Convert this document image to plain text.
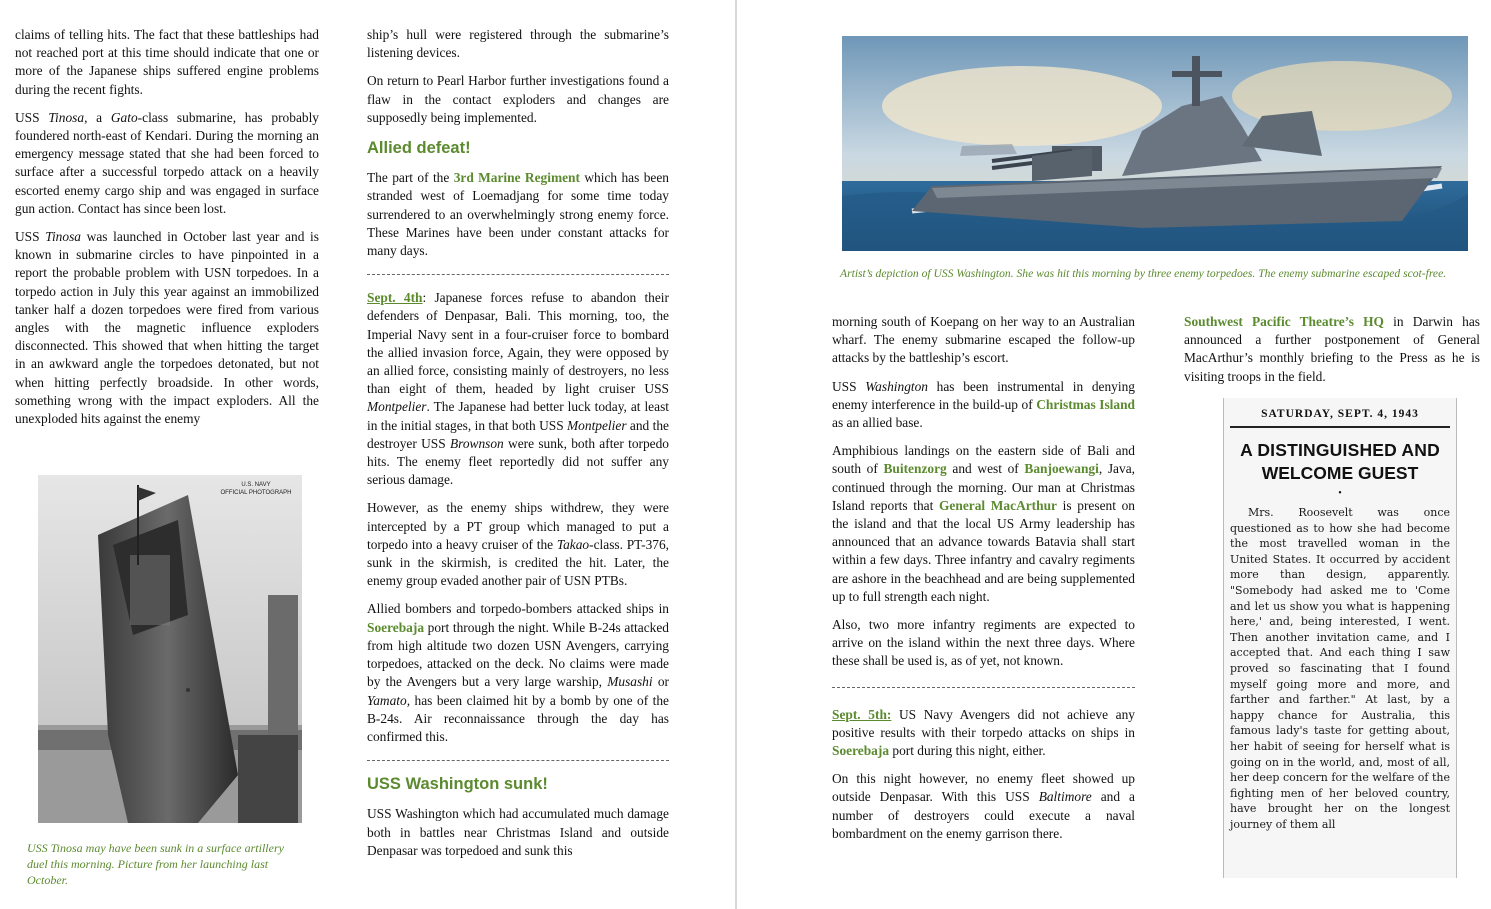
claims of telling hits. The fact that these battleships had not reached port at this time should indicate that one or more of the Japanese ships suffered engine problems during the recent fights.

USS Tinosa, a Gato-class submarine, has probably foundered north-east of Kendari. During the morning an emergency message stated that she had been forced to surface after a successful torpedo attack on a heavily escorted enemy cargo ship and was engaged in surface gun action. Contact has since been lost.

USS Tinosa was launched in October last year and is known in submarine circles to have pinpointed in a report the probable problem with USN torpedoes. In a torpedo action in July this year against an immobilized tanker half a dozen torpedoes were fired from various angles with the magnetic influence exploders disconnected. This showed that when hitting the target in an awkward angle the torpedoes detonated, but not when hitting perfectly broadside. In other words, something wrong with the impact exploders. All the unexploded hits against the enemy

U.S. NAVY
OFFICIAL PHOTOGRAPH
USS Tinosa may have been sunk in a surface artillery duel this morning. Picture from her launching last October.

ship’s hull were registered through the submarine’s listening devices.

On return to Pearl Harbor further investigations found a flaw in the contact exploders and changes are supposedly being implemented.

Allied defeat!

The part of the 3rd Marine Regiment which has been stranded west of Loemadjang for some time today surrendered to an overwhelmingly strong enemy force. These Marines have been under constant attacks for many days.

Sept. 4th: Japanese forces refuse to abandon their defenders of Denpasar, Bali. This morning, too, the Imperial Navy sent in a four-cruiser force to bombard the allied invasion force, Again, they were opposed by an allied force, consisting mainly of destroyers, no less than eight of them, headed by light cruiser USS Montpelier. The Japanese had better luck today, at least in the initial stages, in that both USS Montpelier and the destroyer USS Brownson were sunk, both after torpedo hits. The enemy fleet reportedly did not suffer any serious damage.

However, as the enemy ships withdrew, they were intercepted by a PT group which managed to put a torpedo into a heavy cruiser of the Takao-class. PT-376, sunk in the skirmish, is credited the hit. Later, the enemy group evaded another pair of USN PTBs.

Allied bombers and torpedo-bombers attacked ships in Soerebaja port through the night. While B-24s attacked from high altitude two dozen USN Avengers, carrying torpedoes, attacked on the deck. No claims were made by the Avengers but a very large warship, Musashi or Yamato, has been claimed hit by a bomb by one of the B-24s. Air reconnaissance through the day has confirmed this.

USS Washington sunk!

USS Washington which had accumulated much damage both in battles near Christmas Island and outside Denpasar was torpedoed and sunk this

Artist’s depiction of USS Washington. She was hit this morning by three enemy torpedoes. The enemy submarine escaped scot-free.

morning south of Koepang on her way to an Australian wharf. The enemy submarine escaped the follow-up attacks by the battleship’s escort.

USS Washington has been instrumental in denying enemy interference in the build-up of Christmas Island as an allied base.

Amphibious landings on the eastern side of Bali and south of Buitenzorg and west of Banjoewangi, Java, continued through the morning. Our man at Christmas Island reports that General MacArthur is present on the island and that the local US Army leadership has announced that an advance towards Batavia shall start within a few days. Three infantry and cavalry regiments are ashore in the beachhead and are being supplemented up to full strength each night.

Also, two more infantry regiments are expected to arrive on the island within the next three days. Where these shall be used is, as of yet, not known.

Sept. 5th: US Navy Avengers did not achieve any positive results with their torpedo attacks on ships in Soerebaja port during this night, either.

On this night however, no enemy fleet showed up outside Denpasar. With this USS Baltimore and a number of destroyers could execute a naval bombardment on the enemy garrison there.

Southwest Pacific Theatre’s HQ in Darwin has announced a further postponement of General MacArthur’s monthly briefing to the Press as he is visiting troops in the field.

SATURDAY, SEPT. 4, 1943
A DISTINGUISHED AND
WELCOME GUEST
•
Mrs. Roosevelt was once questioned as to how she had become the most travelled woman in the United States. It occurred by accident more than design, apparently. "Somebody had asked me to 'Come and let us show you what is happening here,' and, being interested, I went. Then another invitation came, and I accepted that. And each thing I saw proved so fascinating that I found myself going more and more, and farther and farther." At last, by a happy chance for Australia, this famous lady's taste for getting about, her habit of seeing for herself what is going on in the world, and, most of all, her deep concern for the welfare of the fighting men of her beloved country, have brought her on the longest journey of them all
